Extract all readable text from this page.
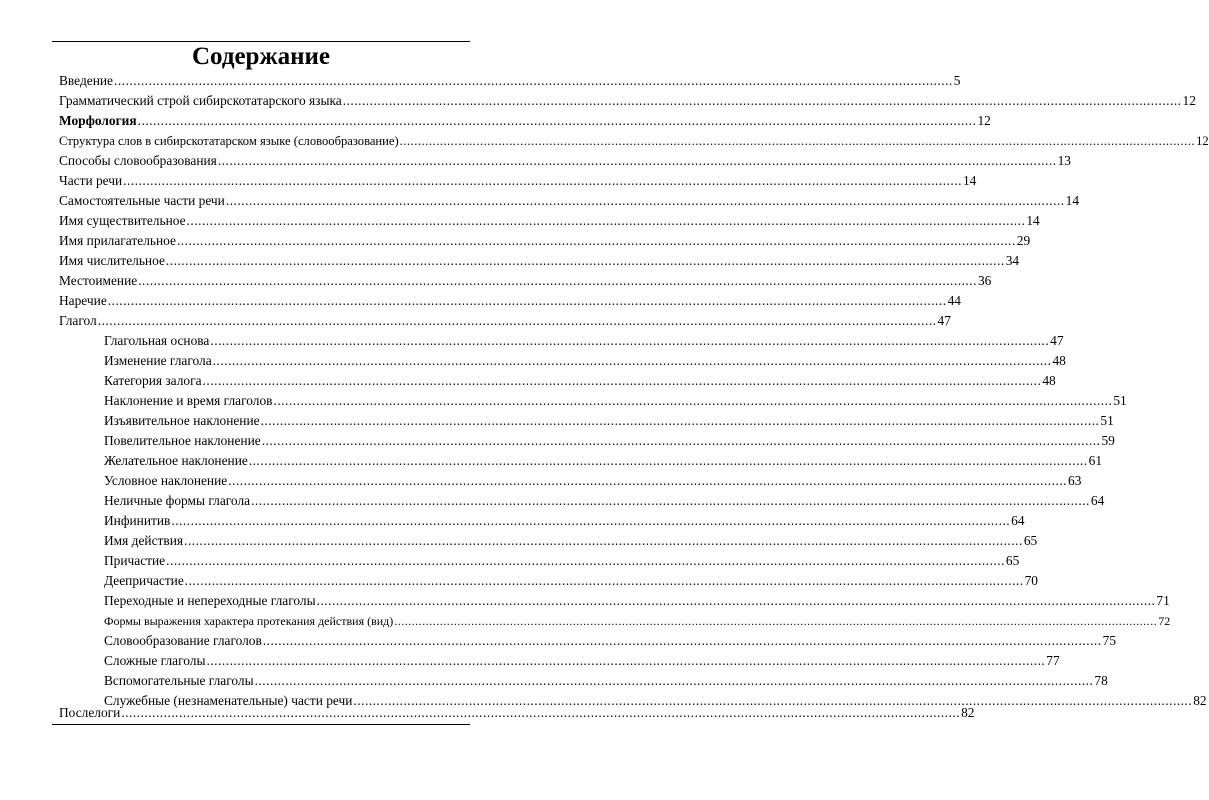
Содержание
Введение .......................................................................................................................................................................................................................... 5
Грамматический строй сибирскотатарского языка .......................................................................................................................................................................................................................... 12
Морфология .......................................................................................................................................................................................................................... 12
Структура слов в сибирскотатарском языке (словообразование) .......................................................................................................................................................................................................................... 12
Способы словообразования .......................................................................................................................................................................................................................... 13
Части речи .......................................................................................................................................................................................................................... 14
Самостоятельные части речи .......................................................................................................................................................................................................................... 14
Имя существительное .......................................................................................................................................................................................................................... 14
Имя прилагательное .......................................................................................................................................................................................................................... 29
Имя числительное .......................................................................................................................................................................................................................... 34
Местоимение .......................................................................................................................................................................................................................... 36
Наречие .......................................................................................................................................................................................................................... 44
Глагол .......................................................................................................................................................................................................................... 47
Глагольная основа .......................................................................................................................................................................................................................... 47
Изменение глагола .......................................................................................................................................................................................................................... 48
Категория залога .......................................................................................................................................................................................................................... 48
Наклонение и время глаголов .......................................................................................................................................................................................................................... 51
Изъявительное наклонение .......................................................................................................................................................................................................................... 51
Повелительное наклонение .......................................................................................................................................................................................................................... 59
Желательное наклонение .......................................................................................................................................................................................................................... 61
Условное наклонение .......................................................................................................................................................................................................................... 63
Неличные формы глагола .......................................................................................................................................................................................................................... 64
Инфинитив .......................................................................................................................................................................................................................... 64
Имя действия .......................................................................................................................................................................................................................... 65
Причастие .......................................................................................................................................................................................................................... 65
Деепричастие .......................................................................................................................................................................................................................... 70
Переходные и непереходные глаголы .......................................................................................................................................................................................................................... 71
Формы выражения характера протекания действия (вид) .......................................................................................................................................................................................................................... 72
Словообразование глаголов .......................................................................................................................................................................................................................... 75
Сложные глаголы .......................................................................................................................................................................................................................... 77
Вспомогательные глаголы .......................................................................................................................................................................................................................... 78
Служебные (незнаменательные) части речи .......................................................................................................................................................................................................................... 82
Послелоги .......................................................................................................................................................................................................................... 82
